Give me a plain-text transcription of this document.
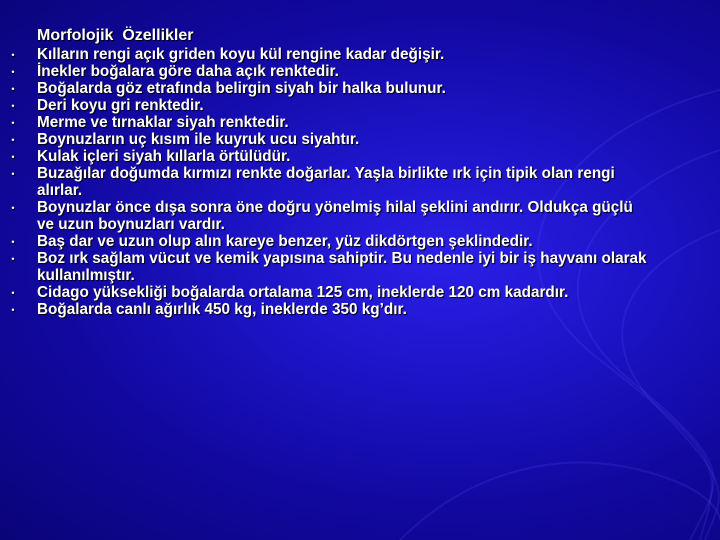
Morfolojik  Özellikler
•	Kılların rengi açık griden koyu kül rengine kadar değişir.
•	İnekler boğalara göre daha açık renktedir.
•	Boğalarda göz etrafında belirgin siyah bir halka bulunur.
•	Deri koyu gri renktedir.
•	Merme ve tırnaklar siyah renktedir.
•	Boynuzların uç kısım ile kuyruk ucu siyahtır.
•	Kulak içleri siyah kıllarla örtülüdür.
•	Buzağılar doğumda kırmızı renkte doğarlar. Yaşla birlikte ırk için tipik olan rengi
alırlar.
•	Boynuzlar önce dışa sonra öne doğru yönelmiş hilal şeklini andırır. Oldukça güçlü
ve uzun boynuzları vardır.
•	Baş dar ve uzun olup alın kareye benzer, yüz dikdörtgen şeklindedir.
•	Boz ırk sağlam vücut ve kemik yapısına sahiptir. Bu nedenle iyi bir iş hayvanı olarak
kullanılmıştır.
•	Cidago yüksekliği boğalarda ortalama 125 cm, ineklerde 120 cm kadardır.
•	Boğalarda canlı ağırlık 450 kg, ineklerde 350 kg’dır.
